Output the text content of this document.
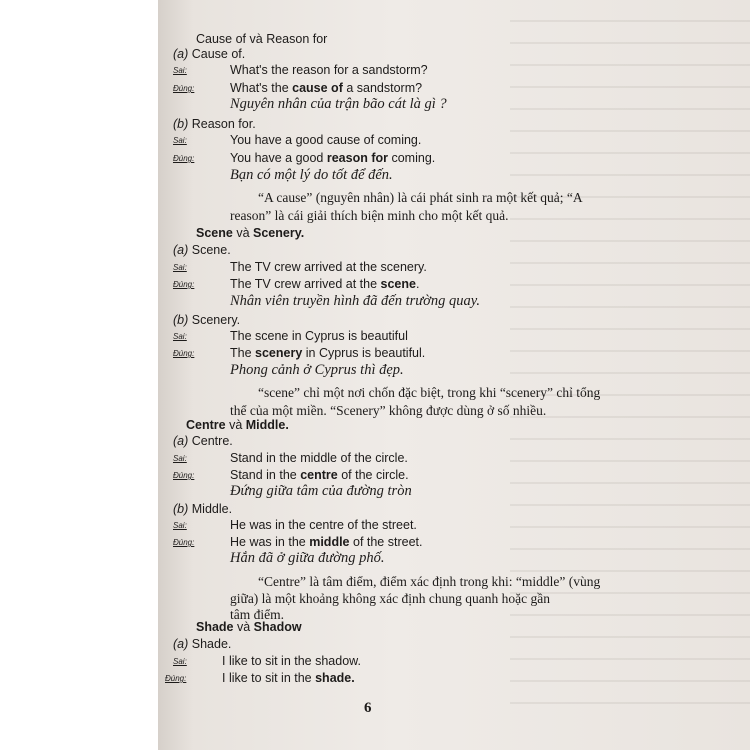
6
Cause of và Reason for
(a) Cause of.
Sai:	What's the reason for a sandstorm?
Đúng:	What's the cause of a sandstorm?
Nguyên nhân của trận bão cát là gì ?
(b) Reason for.
Sai:	You have a good cause of coming.
Đúng:	You have a good reason for coming.
Bạn có một lý do tốt để đến.
“A cause” (nguyên nhân) là cái phát sinh ra một kết quả; “A
reason” là cái giải thích biện minh cho một kết quả.
Scene và Scenery.
(a) Scene.
Sai:	The TV crew arrived at the scenery.
Đúng:	The TV crew arrived at the scene.
Nhân viên truyền hình đã đến trường quay.
(b) Scenery.
Sai:	The scene in Cyprus is beautiful
Đúng:	The scenery in Cyprus is beautiful.
Phong cảnh ở Cyprus thì đẹp.
“scene” chỉ một nơi chốn đặc biệt, trong khi “scenery” chỉ tổng
thể của một miền. “Scenery” không được dùng ở số nhiều.
Centre và Middle.
(a) Centre.
Sai:	Stand in the middle of the circle.
Đúng:	Stand in the centre of the circle.
Đứng giữa tâm của đường tròn
(b) Middle.
Sai:	He was in the centre of the street.
Đúng:	He was in the middle of the street.
Hắn đã ở giữa đường phố.
“Centre” là tâm điểm, điểm xác định trong khi: “middle” (vùng
giữa) là một khoảng không xác định chung quanh hoặc gần
tâm điểm.
Shade và Shadow
(a) Shade.
Sai:	I like to sit in the shadow.
Đúng:	I like to sit in the shade.
